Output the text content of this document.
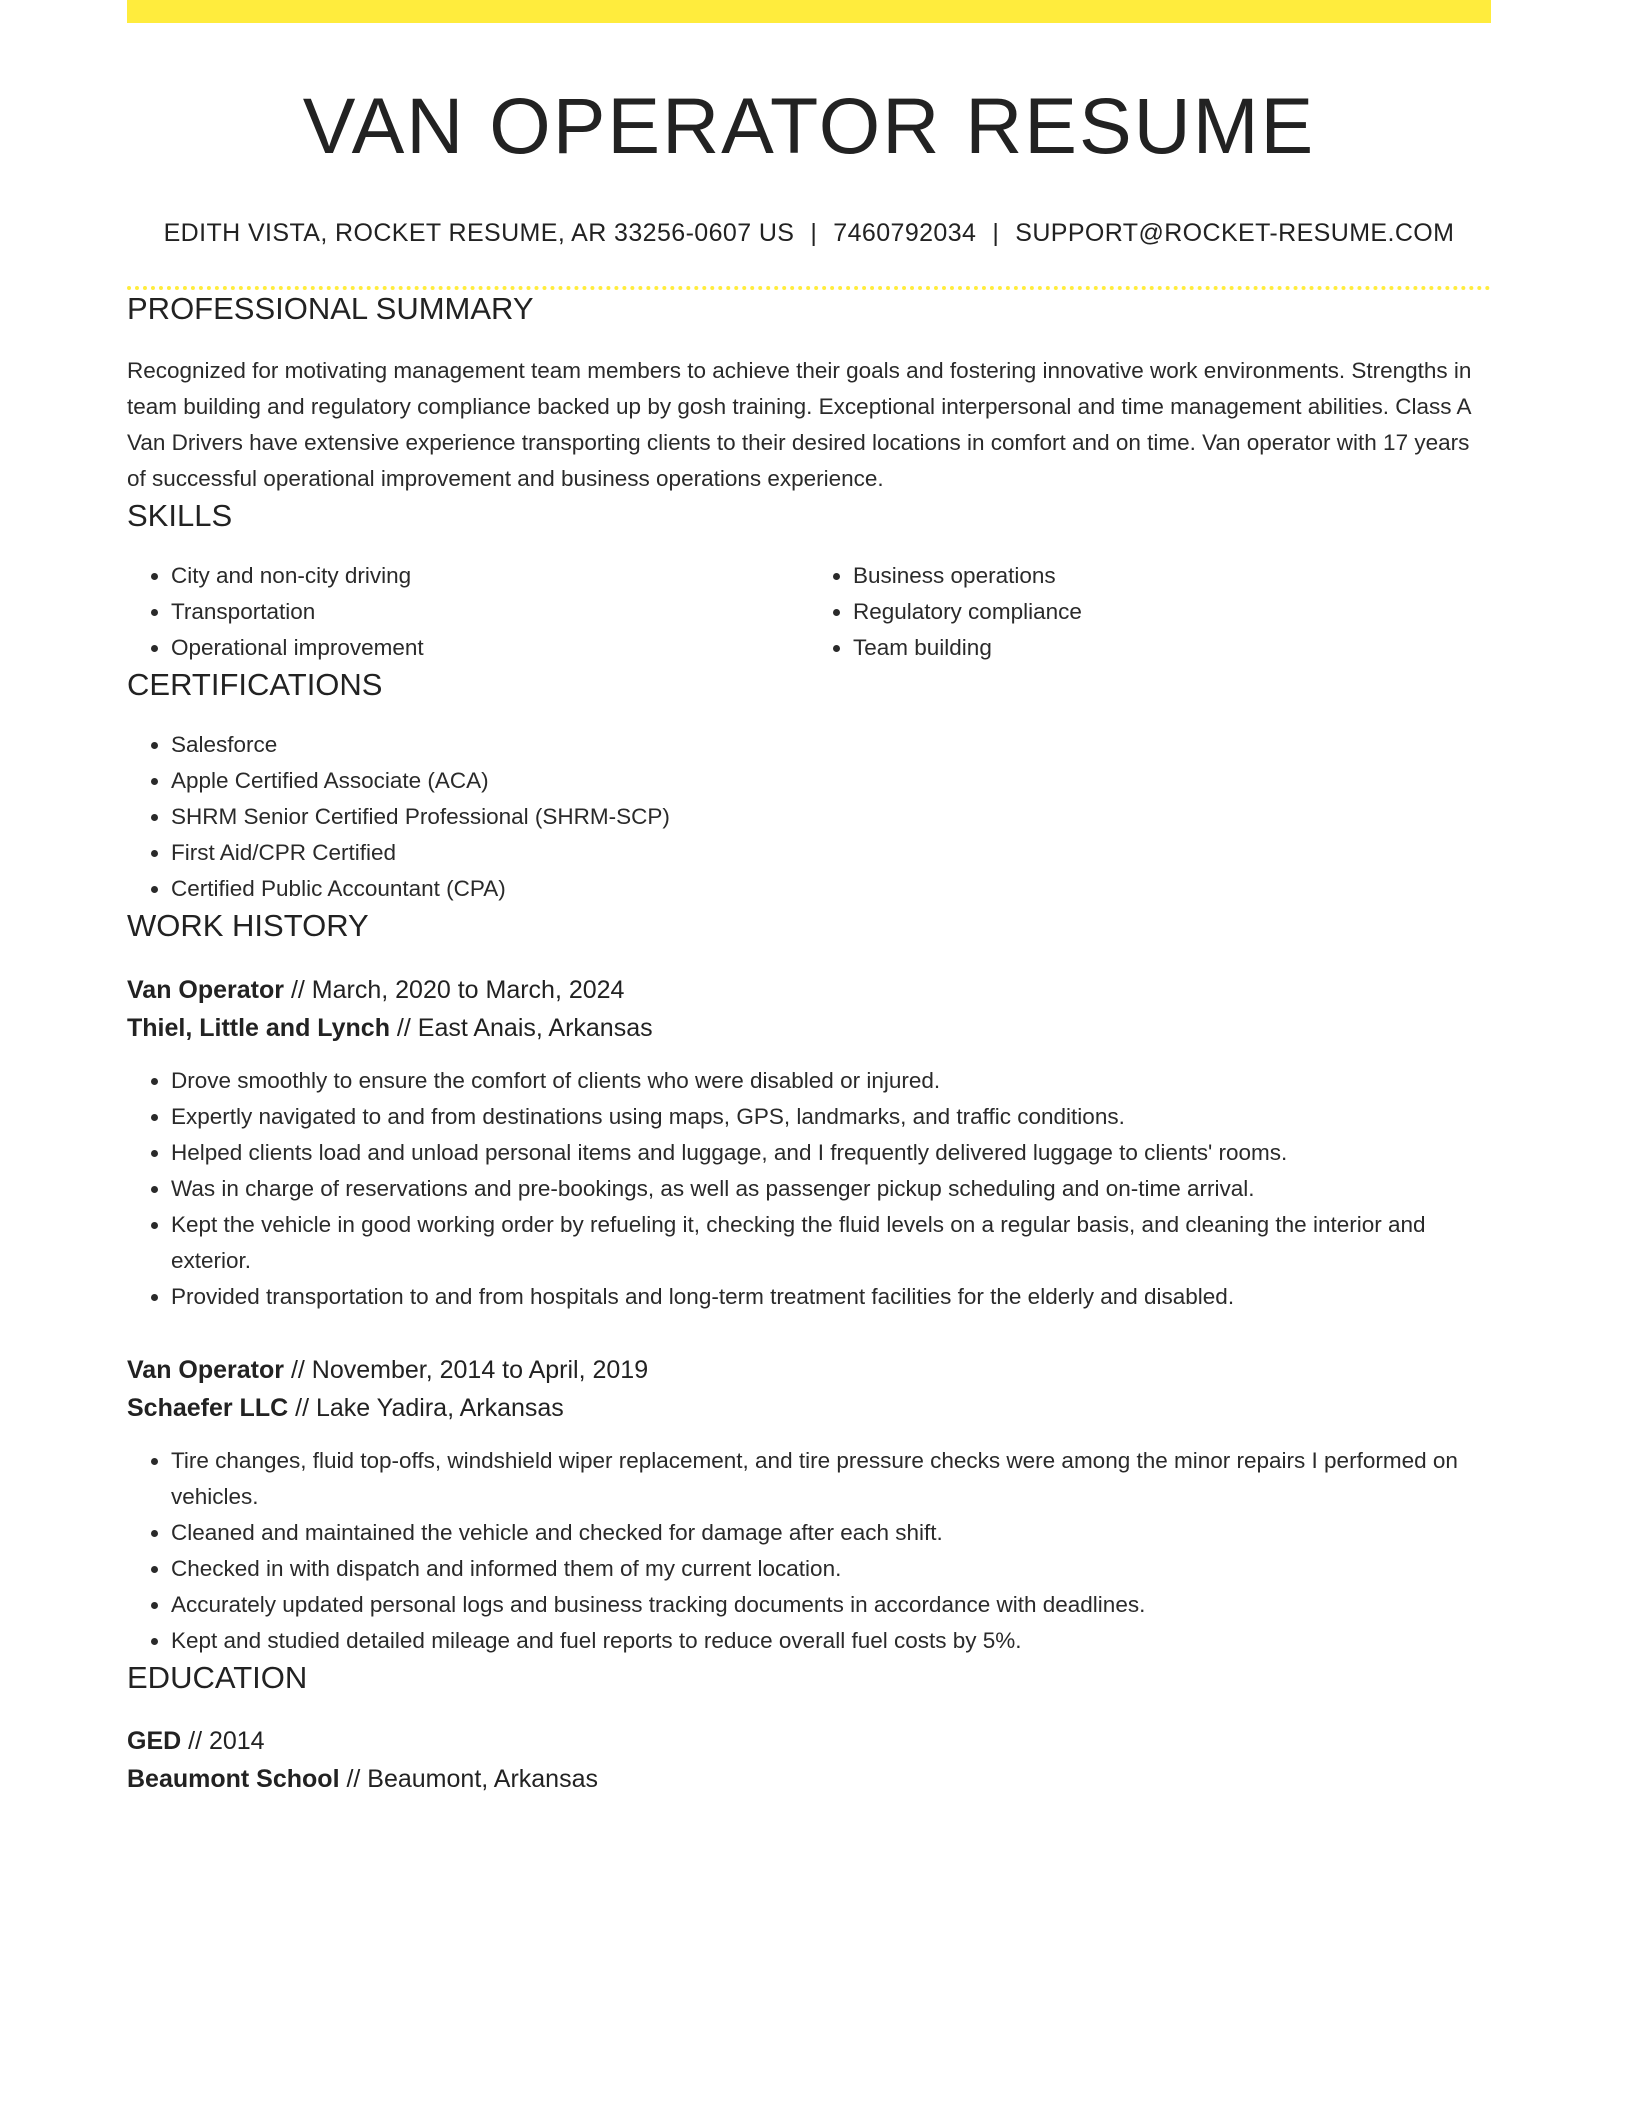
VAN OPERATOR RESUME
EDITH VISTA, ROCKET RESUME, AR 33256-0607 US | 7460792034 | SUPPORT@ROCKET-RESUME.COM
PROFESSIONAL SUMMARY

Recognized for motivating management team members to achieve their goals and fostering innovative work environments. Strengths in team building and regulatory compliance backed up by gosh training. Exceptional interpersonal and time management abilities. Class A Van Drivers have extensive experience transporting clients to their desired locations in comfort and on time. Van operator with 17 years of successful operational improvement and business operations experience.

SKILLS
• City and non-city driving
• Transportation
• Operational improvement
• Business operations
• Regulatory compliance
• Team building
CERTIFICATIONS
• Salesforce
• Apple Certified Associate (ACA)
• SHRM Senior Certified Professional (SHRM-SCP)
• First Aid/CPR Certified
• Certified Public Accountant (CPA)
WORK HISTORY

Van Operator // March, 2020 to March, 2024

Thiel, Little and Lynch // East Anais, Arkansas

• Drove smoothly to ensure the comfort of clients who were disabled or injured.
• Expertly navigated to and from destinations using maps, GPS, landmarks, and traffic conditions.
• Helped clients load and unload personal items and luggage, and I frequently delivered luggage to clients' rooms.
• Was in charge of reservations and pre-bookings, as well as passenger pickup scheduling and on-time arrival.
• Kept the vehicle in good working order by refueling it, checking the fluid levels on a regular basis, and cleaning the interior and exterior.
• Provided transportation to and from hospitals and long-term treatment facilities for the elderly and disabled.

Van Operator // November, 2014 to April, 2019

Schaefer LLC // Lake Yadira, Arkansas

• Tire changes, fluid top-offs, windshield wiper replacement, and tire pressure checks were among the minor repairs I performed on vehicles.
• Cleaned and maintained the vehicle and checked for damage after each shift.
• Checked in with dispatch and informed them of my current location.
• Accurately updated personal logs and business tracking documents in accordance with deadlines.
• Kept and studied detailed mileage and fuel reports to reduce overall fuel costs by 5%.
EDUCATION

GED // 2014

Beaumont School // Beaumont, Arkansas
